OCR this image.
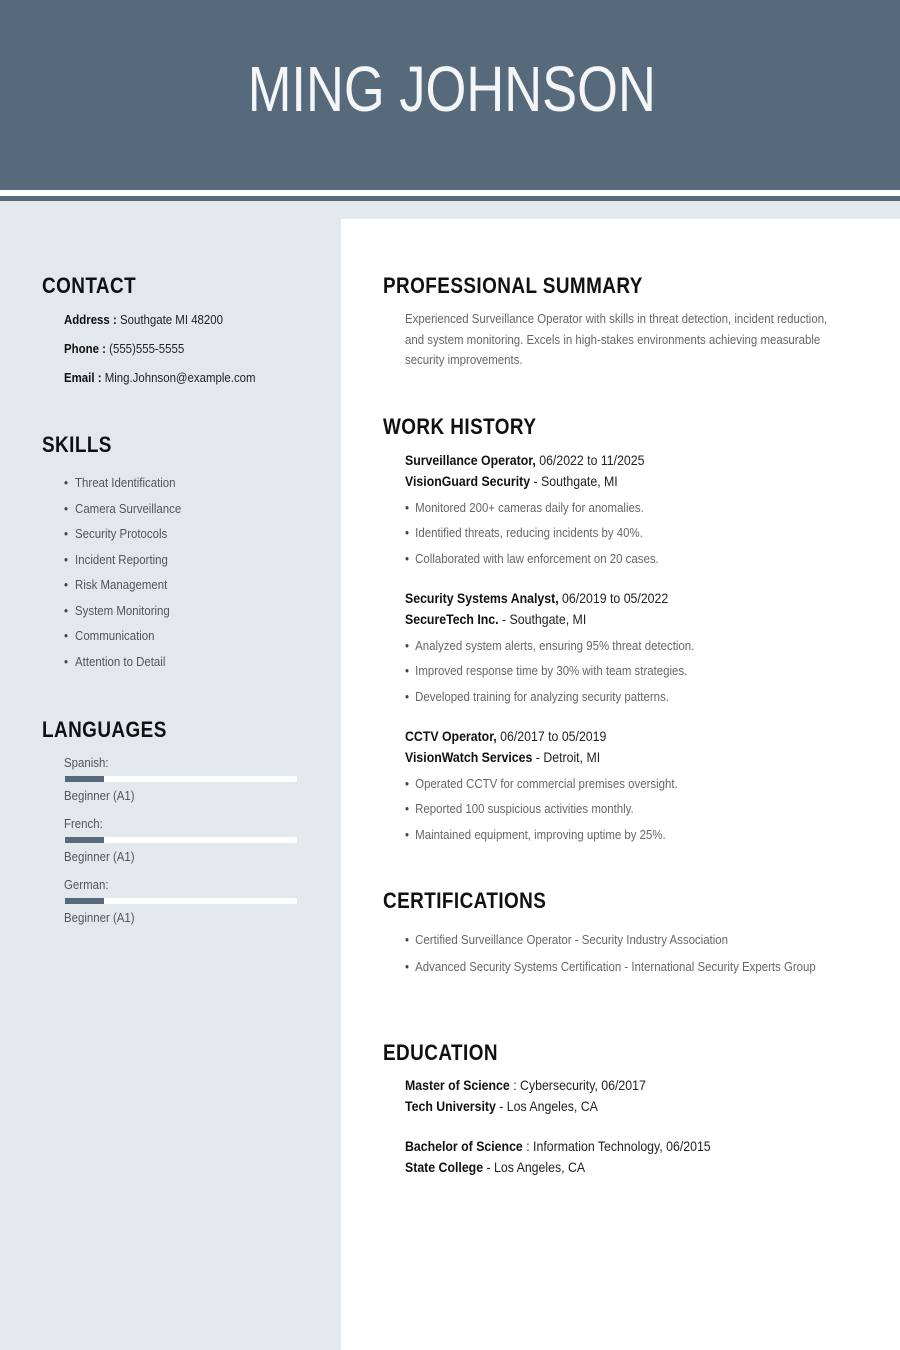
MING JOHNSON
CONTACT
Address : Southgate MI 48200
Phone : (555)555-5555
Email : Ming.Johnson@example.com
SKILLS
• Threat Identification
• Camera Surveillance
• Security Protocols
• Incident Reporting
• Risk Management
• System Monitoring
• Communication
• Attention to Detail
LANGUAGES
Spanish:
Beginner (A1)
French:
Beginner (A1)
German:
Beginner (A1)
PROFESSIONAL SUMMARY
Experienced Surveillance Operator with skills in threat detection, incident reduction, and system monitoring. Excels in high-stakes environments achieving measurable security improvements.
WORK HISTORY
Surveillance Operator, 06/2022 to 11/2025
VisionGuard Security - Southgate, MI
• Monitored 200+ cameras daily for anomalies.
• Identified threats, reducing incidents by 40%.
• Collaborated with law enforcement on 20 cases.
Security Systems Analyst, 06/2019 to 05/2022
SecureTech Inc. - Southgate, MI
• Analyzed system alerts, ensuring 95% threat detection.
• Improved response time by 30% with team strategies.
• Developed training for analyzing security patterns.
CCTV Operator, 06/2017 to 05/2019
VisionWatch Services - Detroit, MI
• Operated CCTV for commercial premises oversight.
• Reported 100 suspicious activities monthly.
• Maintained equipment, improving uptime by 25%.
CERTIFICATIONS
• Certified Surveillance Operator - Security Industry Association
• Advanced Security Systems Certification - International Security Experts Group
EDUCATION
Master of Science : Cybersecurity, 06/2017
Tech University - Los Angeles, CA
Bachelor of Science : Information Technology, 06/2015
State College - Los Angeles, CA
